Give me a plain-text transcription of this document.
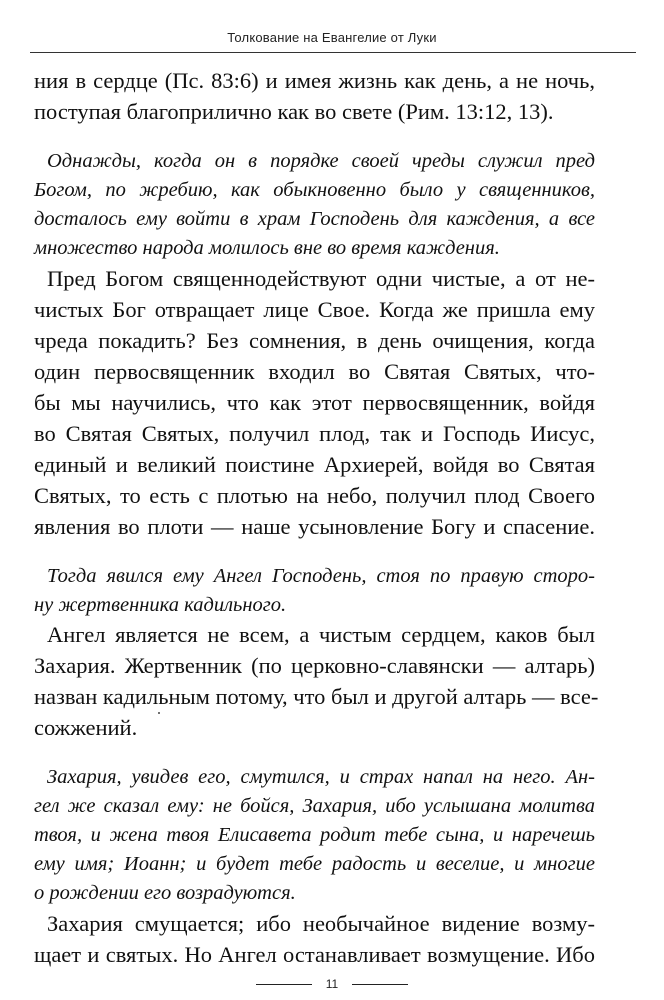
Толкование на Евангелие от Луки
ния в сердце (Пс. 83:6) и имея жизнь как день, а не ночь,
поступая благоприлично как во свете (Рим. 13:12, 13).
Однажды, когда он в порядке своей чреды служил пред
Богом, по жребию, как обыкновенно было у священников,
досталось ему войти в храм Господень для каждения, а все
множество народа молилось вне во время каждения.
Пред Богом священнодействуют одни чистые, а от не-
чистых Бог отвращает лице Свое. Когда же пришла ему
чреда покадить? Без сомнения, в день очищения, когда
один первосвященник входил во Святая Святых, что-
бы мы научились, что как этот первосвященник, войдя
во Святая Святых, получил плод, так и Господь Иисус,
единый и великий поистине Архиерей, войдя во Святая
Святых, то есть с плотью на небо, получил плод Своего
явления во плоти — наше усыновление Богу и спасение.
Тогда явился ему Ангел Господень, стоя по правую сторо-
ну жертвенника кадильного.
Ангел является не всем, а чистым сердцем, каков был
Захария. Жертвенник (по церковно-славянски — алтарь)
назван кадильным потому, что был и другой алтарь — все-
сожжений.
Захария, увидев его, смутился, и страх напал на него. Ан-
гел же сказал ему: не бойся, Захария, ибо услышана молитва
твоя, и жена твоя Елисавета родит тебе сына, и наречешь
ему имя; Иоанн; и будет тебе радость и веселие, и многие
о рождении его возрадуются.
Захария смущается; ибо необычайное видение возму-
щает и святых. Но Ангел останавливает возмущение. Ибо
11
